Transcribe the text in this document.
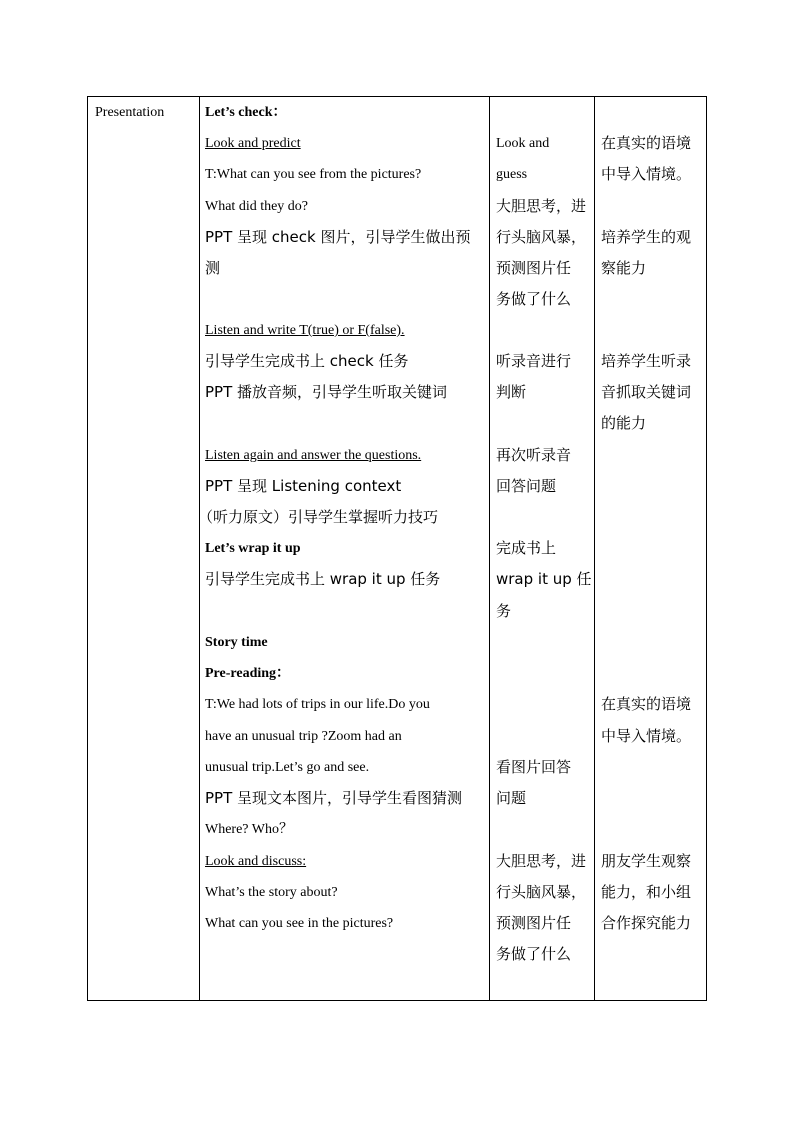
Presentation	Let’s check：
Look and predict
T:What can you see from the pictures?
What did they do?
PPT 呈现 check 图片，引导学生做出预
测
Listen and write T(true) or F(false).
引导学生完成书上 check 任务
PPT 播放音频，引导学生听取关键词
Listen again and answer the questions.
PPT 呈现 Listening context
（听力原文）引导学生掌握听力技巧
Let’s wrap it up
引导学生完成书上 wrap it up 任务
Story time
Pre-reading：
T:We had lots of trips in our life.Do you
have an unusual trip ?Zoom had an
unusual trip.Let’s go and see.
PPT 呈现文本图片，引导学生看图猜测
Where? Who？
Look and discuss:
What’s the story about?
What can you see in the pictures?
Look and
guess
大胆思考，进
行头脑风暴，
预测图片任
务做了什么
听录音进行
判断
再次听录音
回答问题
完成书上
wrap it up 任
务
看图片回答
问题
大胆思考，进
行头脑风暴，
预测图片任
务做了什么
在真实的语境
中导入情境。
培养学生的观
察能力
培养学生听录
音抓取关键词
的能力
在真实的语境
中导入情境。
朋友学生观察
能力，和小组
合作探究能力
